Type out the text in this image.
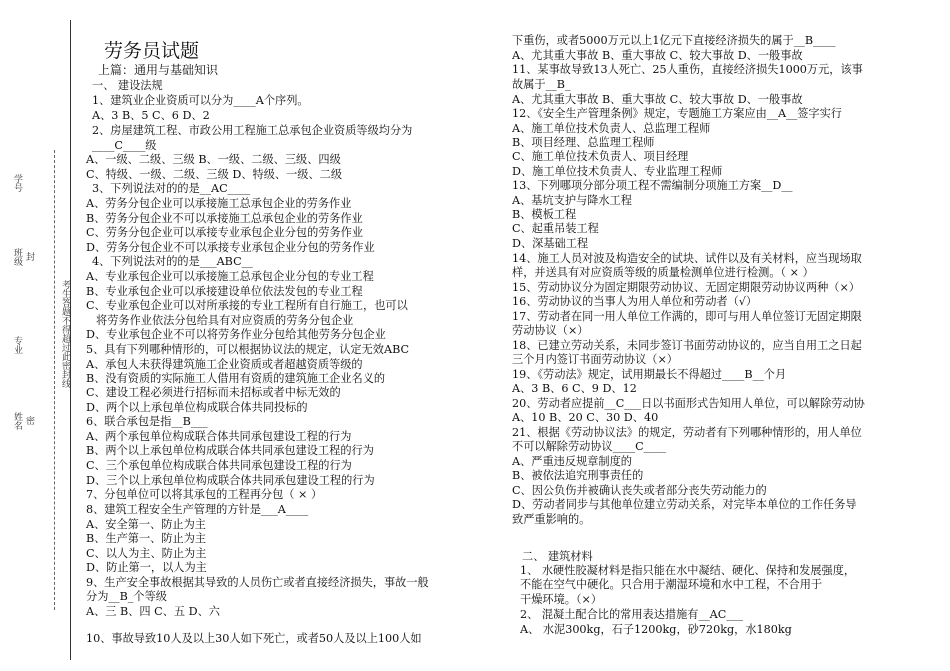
学号
班级 封
专业
姓名 密
考生答题不得超过此密封线
劳务员试题
上篇：通用与基础知识
一、 建设法规
1、建筑业企业资质可以分为____A个序列。
A、3 B、5 C、6 D、2
2、房屋建筑工程、市政公用工程施工总承包企业资质等级均分为
____C____级
A、一级、二级、三级 B、一级、二级、三级、四级
C、特级、一级、二级、三级 D、特级、一级、二级
3、下列说法对的的是__AC____
A、劳务分包企业可以承接施工总承包企业的劳务作业
B、劳务分包企业不可以承接施工总承包企业的劳务作业
C、劳务分包企业可以承接专业承包企业分包的劳务作业
D、劳务分包企业不可以承接专业承包企业分包的劳务作业
4、下列说法对的的是___ABC__
A、专业承包企业可以承接施工总承包企业分包的专业工程
B、专业承包企业可以承接建设单位依法发包的专业工程
C、专业承包企业可以对所承接的专业工程所有自行施工，也可以
将劳务作业依法分包给具有对应资质的劳务分包企业
D、专业承包企业不可以将劳务作业分包给其他劳务分包企业
5、具有下列哪种情形的，可以根据协议法的规定，认定无效ABC
A、承包人未获得建筑施工企业资质或者超越资质等级的
B、没有资质的实际施工人借用有资质的建筑施工企业名义的
C、建设工程必须进行招标而未招标或者中标无效的
D、两个以上承包单位构成联合体共同投标的
6、联合承包是指__B___
A、两个承包单位构成联合体共同承包建设工程的行为
B、两个以上承包单位构成联合体共同承包建设工程的行为
C、三个承包单位构成联合体共同承包建设工程的行为
D、三个以上承包单位构成联合体共同承包建设工程的行为
7、分包单位可以将其承包的工程再分包（ × ）
8、建筑工程安全生产管理的方针是___A____
A、安全第一、防止为主
B、生产第一、防止为主
C、以人为主、防止为主
D、防止第一，以人为主
9、生产安全事故根据其导致的人员伤亡或者直接经济损失，事故一般
分为__B_个等级
A、三 B、四 C、五 D、六
10、事故导致10人及以上30人如下死亡，或者50人及以上100人如
下重伤，或者5000万元以上1亿元下直接经济损失的属于__B____
A、尤其重大事故 B、重大事故 C、较大事故 D、一般事故
11、某事故导致13人死亡、25人重伤，直接经济损失1000万元，该事
故属于__B_
A、尤其重大事故 B、重大事故 C、较大事故 D、一般事故
12、《安全生产管理条例》规定，专题施工方案应由__A__签字实行
A、施工单位技术负责人、总监理工程师
B、项目经理、总监理工程师
C、施工单位技术负责人、项目经理
D、施工单位技术负责人、专业监理工程师
13、下列哪项分部分项工程不需编制分项施工方案__D__
A、基坑支护与降水工程
B、模板工程
C、起重吊装工程
D、深基础工程
14、施工人员对波及构造安全的试块、试件以及有关材料，应当现场取
样，并送具有对应资质等级的质量检测单位进行检测。（ × ）
15、劳动协议分为固定期限劳动协议、无固定期限劳动协议两种（×）
16、劳动协议的当事人为用人单位和劳动者（√）
17、劳动者在同一用人单位工作满的，即可与用人单位签订无固定期限
劳动协议（×）
18、已建立劳动关系，未同步签订书面劳动协议的，应当自用工之日起
三个月内签订书面劳动协议（×）
19、《劳动法》规定，试用期最长不得超过____B__个月
A、3 B、6 C、9 D、12
20、劳动者应提前__C___日以书面形式告知用人单位，可以解除劳动协
A、10 B、20 C、30 D、40
21、根据《劳动协议法》的规定，劳动者有下列哪种情形的，用人单位
不可以解除劳动协议____C____
A、严重违反规章制度的
B、被依法追究刑事责任的
C、因公负伤并被确认丧失或者部分丧失劳动能力的
D、劳动者同步与其他单位建立劳动关系，对完毕本单位的工作任务导
致严重影响的。
二、 建筑材料
1、 水硬性胶凝材料是指只能在水中凝结、硬化、保持和发展强度，
不能在空气中硬化。只合用于潮湿环境和水中工程，不合用于
干燥环境。（×）
2、 混凝土配合比的常用表达措施有__AC___
A、 水泥300kg，石子1200kg，砂720kg，水180kg
